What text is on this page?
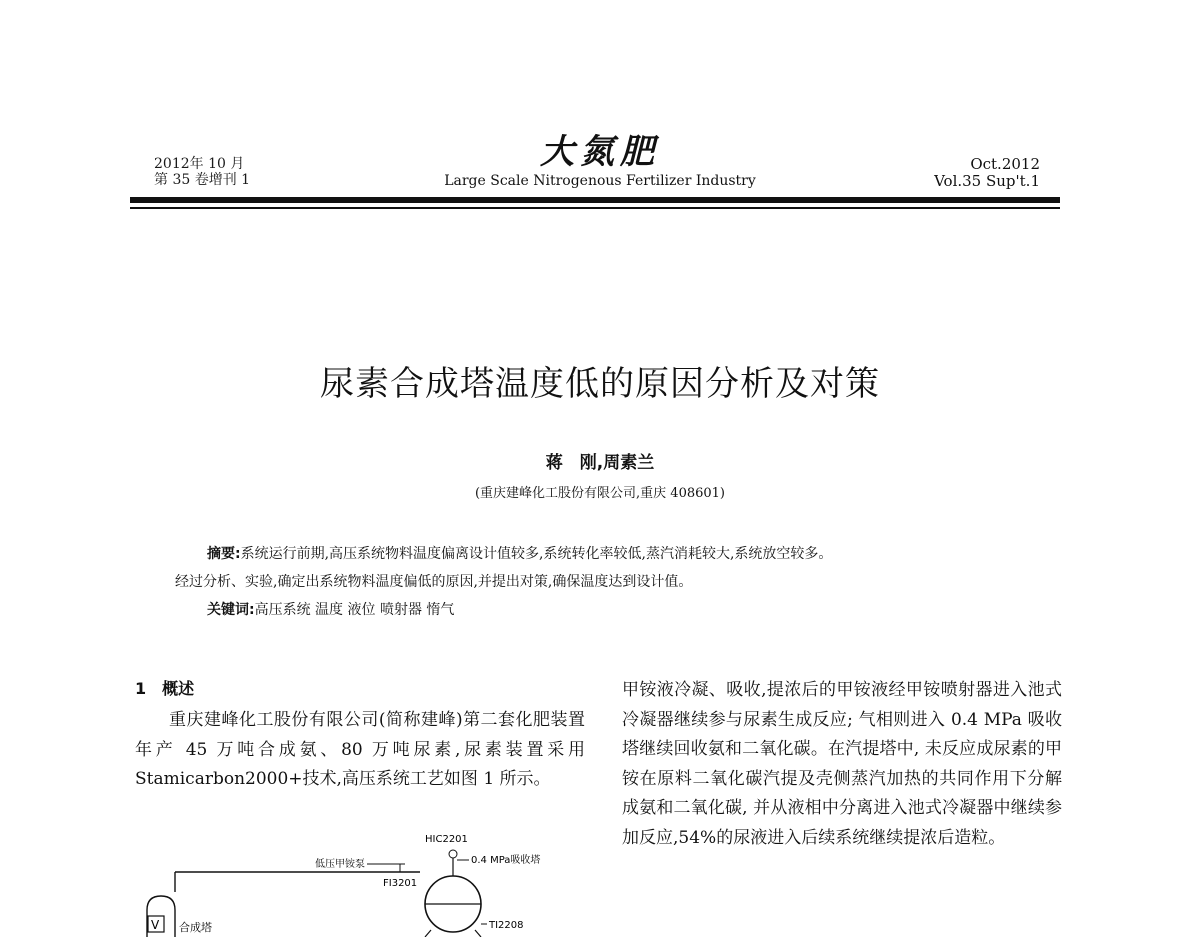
2012年 10 月
第 35 卷增刊 1
大氮肥
Large Scale Nitrogenous Fertilizer Industry
Oct.2012
Vol.35 Sup't.1
尿素合成塔温度低的原因分析及对策
蒋　刚,周素兰
(重庆建峰化工股份有限公司,重庆 408601)

摘要:系统运行前期,高压系统物料温度偏离设计值较多,系统转化率较低,蒸汽消耗较大,系统放空较多。

经过分析、实验,确定出系统物料温度偏低的原因,并提出对策,确保温度达到设计值。

关键词:高压系统 温度 液位 喷射器 惰气

1　概述

重庆建峰化工股份有限公司(简称建峰)第二套化肥装置年产 45 万吨合成氨、80 万吨尿素,尿素装置采用 Stamicarbon2000+技术,高压系统工艺如图 1 所示。

甲铵液冷凝、吸收,提浓后的甲铵液经甲铵喷射器进入池式冷凝器继续参与尿素生成反应; 气相则进入 0.4 MPa 吸收塔继续回收氨和二氧化碳。在汽提塔中, 未反应成尿素的甲铵在原料二氧化碳汽提及壳侧蒸汽加热的共同作用下分解成氨和二氧化碳, 并从液相中分离进入池式冷凝器中继续参加反应,54%的尿液进入后续系统继续提浓后造粒。

V 合成塔
低压甲铵泵
FI3201
HIC2201
0.4 MPa吸收塔
TI2208
